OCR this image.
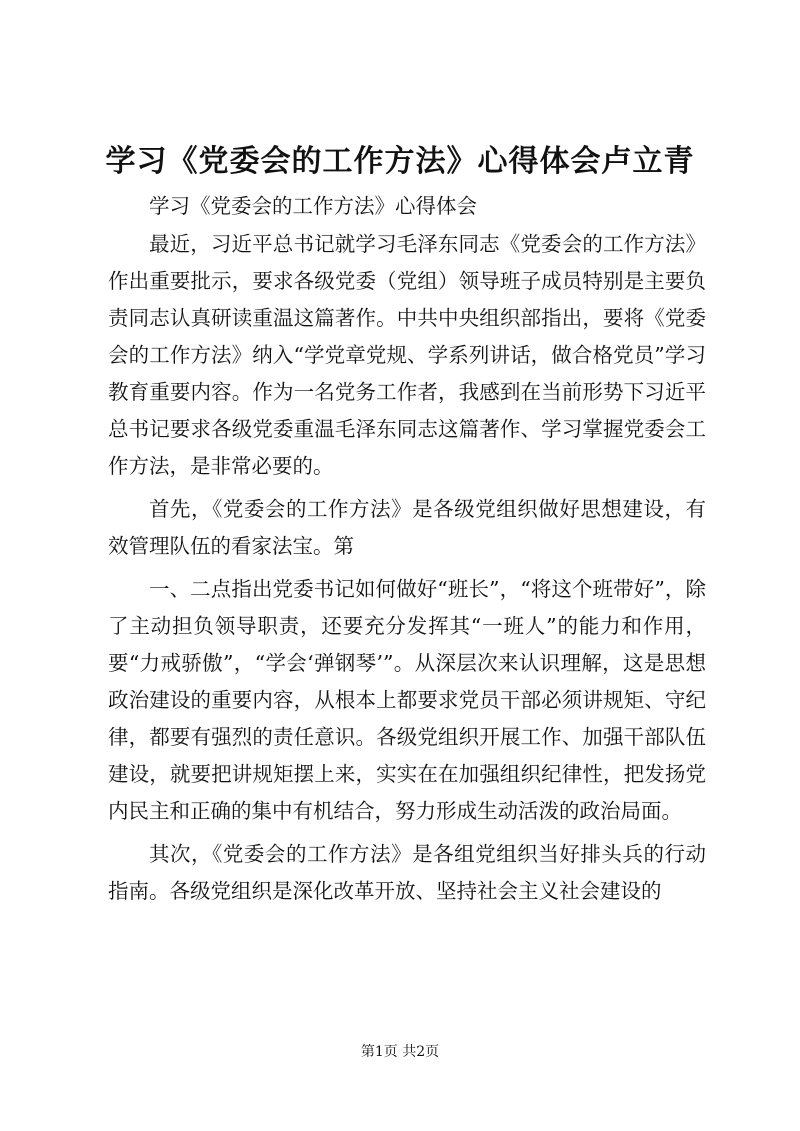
学习《党委会的工作方法》心得体会卢立青

学习《党委会的工作方法》心得体会

最近，习近平总书记就学习毛泽东同志《党委会的工作方法》作出重要批示，要求各级党委（党组）领导班子成员特别是主要负责同志认真研读重温这篇著作。中共中央组织部指出，要将《党委会的工作方法》纳入“学党章党规、学系列讲话，做合格党员”学习教育重要内容。作为一名党务工作者，我感到在当前形势下习近平总书记要求各级党委重温毛泽东同志这篇著作、学习掌握党委会工作方法，是非常必要的。

首先，《党委会的工作方法》是各级党组织做好思想建设，有效管理队伍的看家法宝。第

一、二点指出党委书记如何做好“班长”，“将这个班带好”，除了主动担负领导职责，还要充分发挥其“一班人”的能力和作用，要“力戒骄傲”，“学会‘弹钢琴’”。从深层次来认识理解，这是思想政治建设的重要内容，从根本上都要求党员干部必须讲规矩、守纪律，都要有强烈的责任意识。各级党组织开展工作、加强干部队伍建设，就要把讲规矩摆上来，实实在在加强组织纪律性，把发扬党内民主和正确的集中有机结合，努力形成生动活泼的政治局面。

其次，《党委会的工作方法》是各组党组织当好排头兵的行动指南。各级党组织是深化改革开放、坚持社会主义社会建设的

第1页 共2页
